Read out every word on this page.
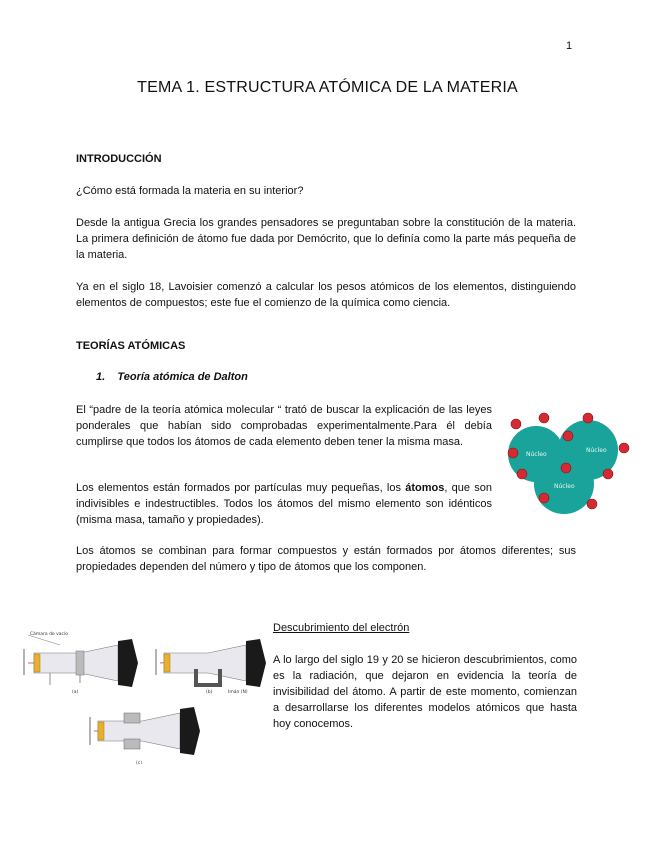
1
TEMA 1. ESTRUCTURA ATÓMICA DE LA MATERIA
INTRODUCCIÓN

¿Cómo está formada la materia en su interior?

Desde la antigua Grecia los grandes pensadores se preguntaban sobre la constitución de la materia. La primera definición de átomo fue dada por Demócrito, que lo definía como la parte más pequeña de la materia.

Ya en el siglo 18, Lavoisier comenzó a calcular los pesos atómicos de los elementos, distinguiendo elementos de compuestos; este fue el comienzo de la química como ciencia.

TEORÍAS ATÓMICAS
1. Teoría atómica de Dalton

El “padre de la teoría atómica molecular “ trató de buscar la explicación de las leyes ponderales que habían sido comprobadas experimentalmente.Para él debía cumplirse que todos los átomos de cada elemento deben tener la misma masa.

Los elementos están formados por partículas muy pequeñas, los átomos, que son indivisibles e indestructibles. Todos los átomos del mismo elemento son idénticos (misma masa, tamaño y propiedades).

Los átomos se combinan para formar compuestos y están formados por átomos diferentes; sus propiedades dependen del número y tipo de átomos que los componen.

Núcleo
Núcleo
Núcleo
Cámara de vacío
(a)	Imán (N)
(b)
(c)
Descubrimiento del electrón

A lo largo del siglo 19 y 20 se hicieron descubrimientos, como es la radiación, que dejaron en evidencia la teoría de invisibilidad del átomo. A partir de este momento, comienzan a desarrollarse los diferentes modelos atómicos que hasta hoy conocemos.
